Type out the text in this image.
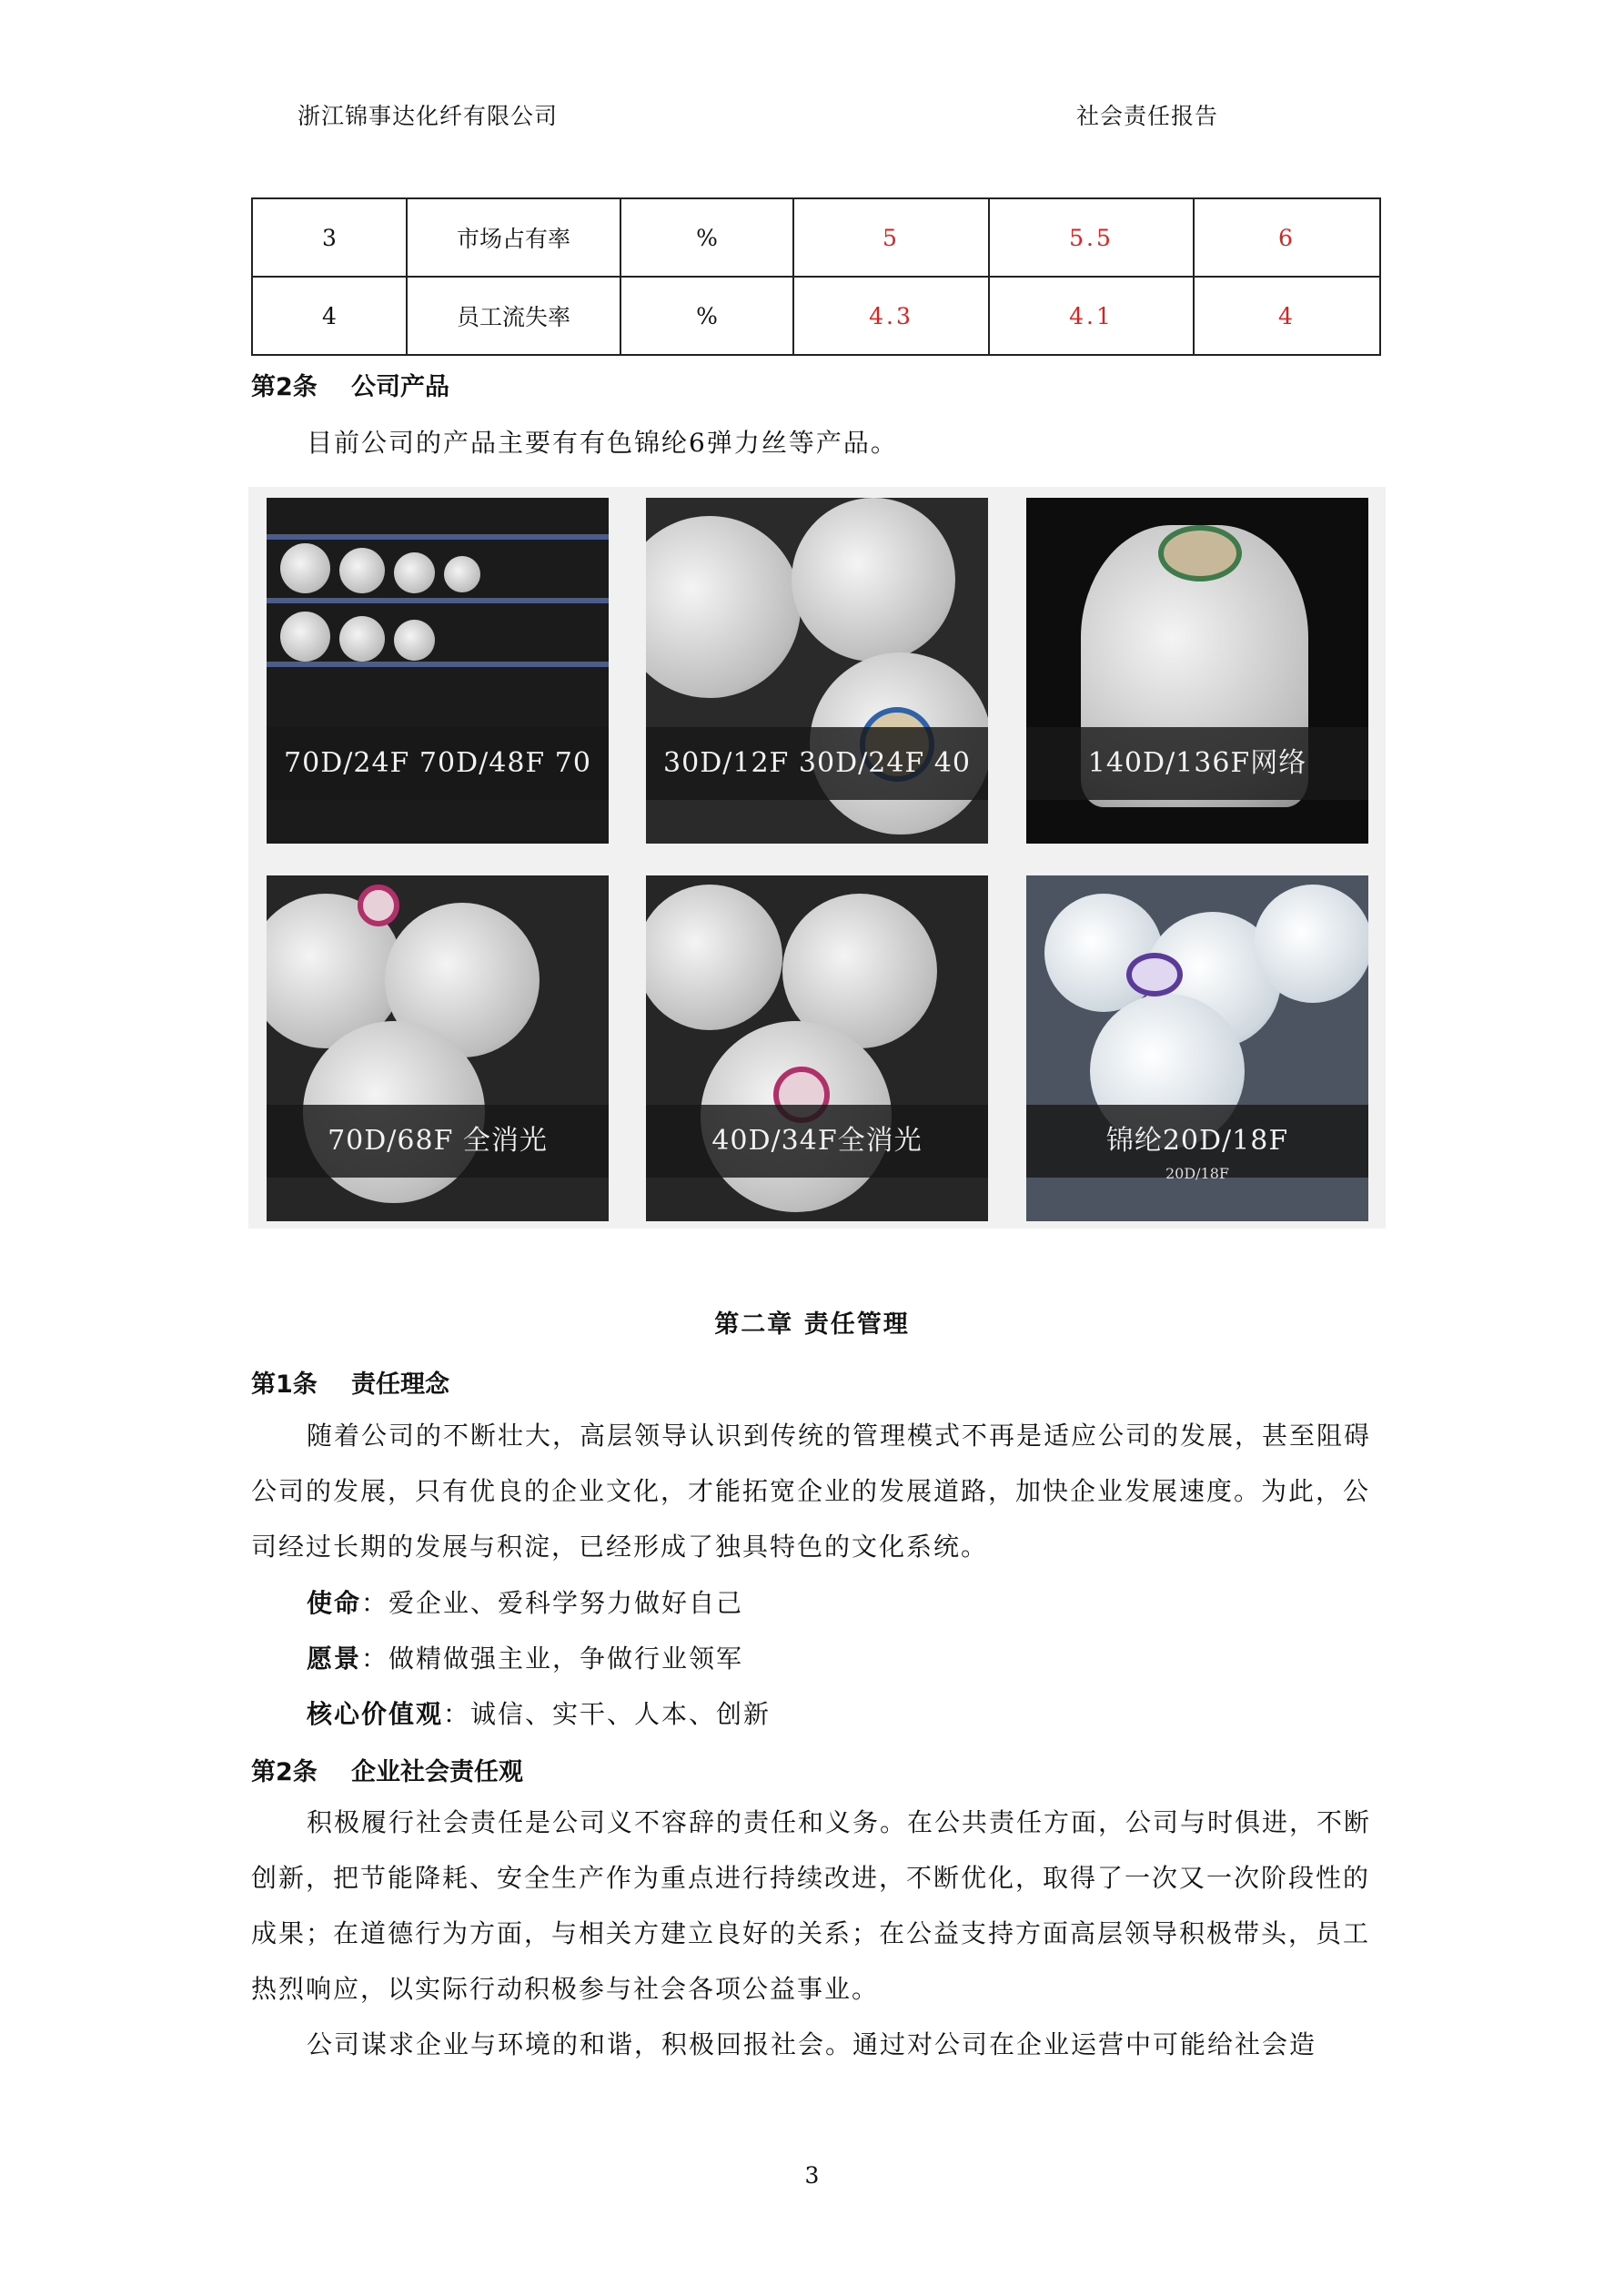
浙江锦事达化纤有限公司	社会责任报告
3	市场占有率	%	5	5.5	6
4	员工流失率	%	4.3	4.1	4
第2条 公司产品

目前公司的产品主要有有色锦纶6弹力丝等产品。

70D/24F 70D/48F 70	30D/12F 30D/24F 40	140D/136F网络
70D/68F 全消光	40D/34F全消光	锦纶20D/18F
20D/18F
第二章 责任管理
第1条 责任理念

随着公司的不断壮大，高层领导认识到传统的管理模式不再是适应公司的发展，甚至阻碍公司的发展，只有优良的企业文化，才能拓宽企业的发展道路，加快企业发展速度。为此，公司经过长期的发展与积淀，已经形成了独具特色的文化系统。

使命：爱企业、爱科学努力做好自己
愿景：做精做强主业，争做行业领军
核心价值观：诚信、实干、人本、创新
第2条 企业社会责任观

积极履行社会责任是公司义不容辞的责任和义务。在公共责任方面，公司与时俱进，不断创新，把节能降耗、安全生产作为重点进行持续改进，不断优化，取得了一次又一次阶段性的成果；在道德行为方面，与相关方建立良好的关系；在公益支持方面高层领导积极带头，员工热烈响应，以实际行动积极参与社会各项公益事业。

公司谋求企业与环境的和谐，积极回报社会。通过对公司在企业运营中可能给社会造

3
